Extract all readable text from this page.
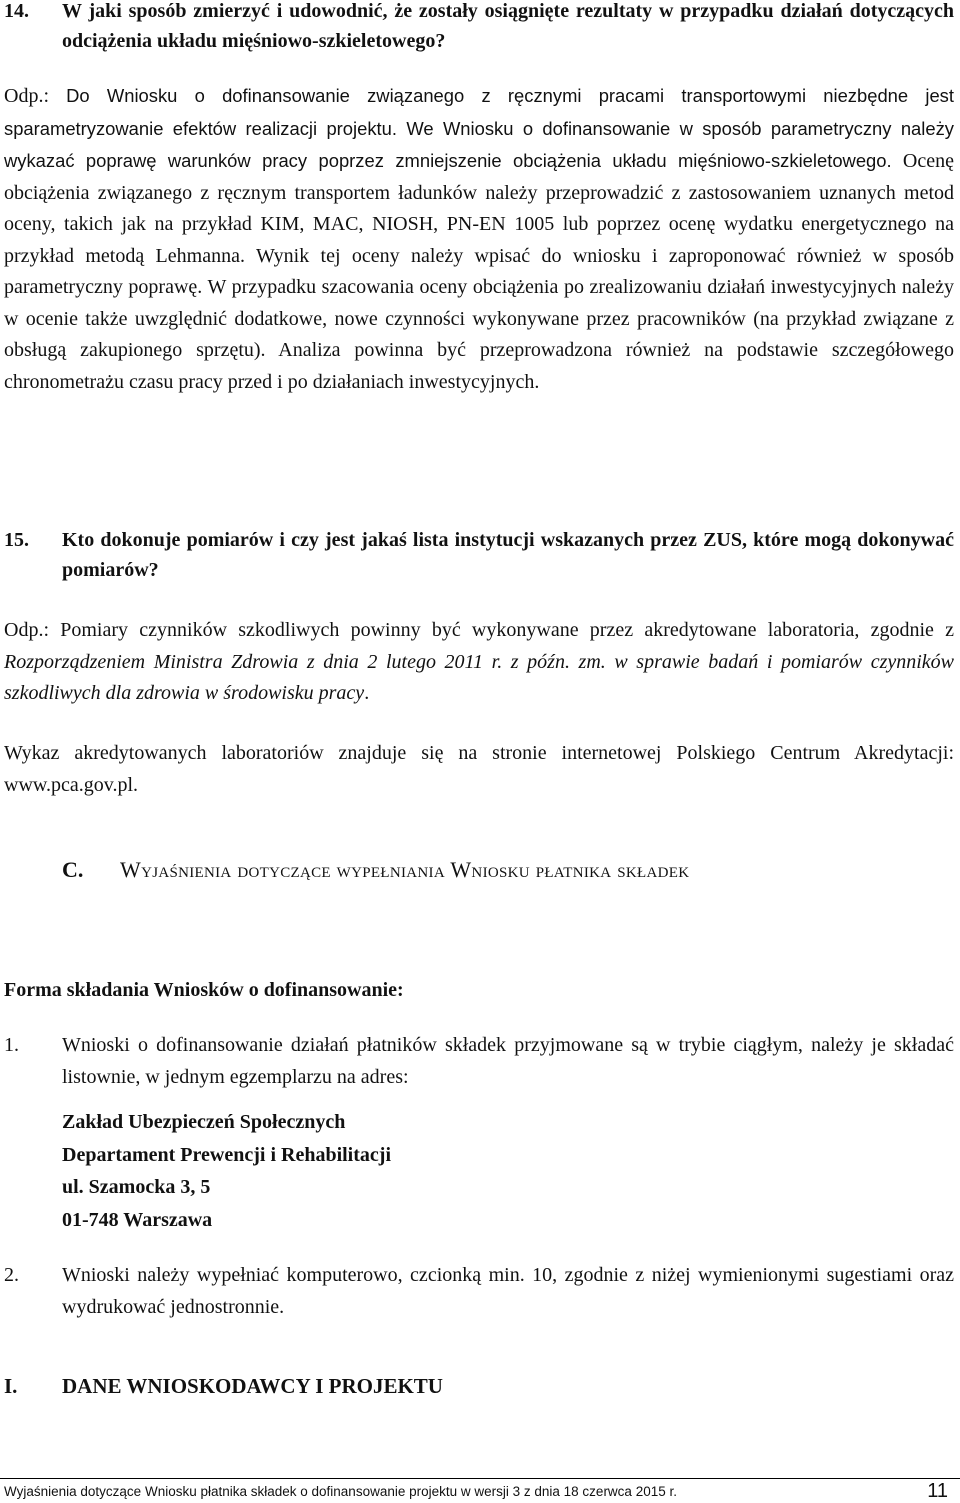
14. W jaki sposób zmierzyć i udowodnić, że zostały osiągnięte rezultaty w przypadku działań dotyczących odciążenia układu mięśniowo-szkieletowego?
Odp.: Do Wniosku o dofinansowanie związanego z ręcznymi pracami transportowymi niezbędne jest sparametryzowanie efektów realizacji projektu. We Wniosku o dofinansowanie w sposób parametryczny należy wykazać poprawę warunków pracy poprzez zmniejszenie obciążenia układu mięśniowo-szkieletowego. Ocenę obciążenia związanego z ręcznym transportem ładunków należy przeprowadzić z zastosowaniem uznanych metod oceny, takich jak na przykład KIM, MAC, NIOSH, PN-EN 1005 lub poprzez ocenę wydatku energetycznego na przykład metodą Lehmanna. Wynik tej oceny należy wpisać do wniosku i zaproponować również w sposób parametryczny poprawę. W przypadku szacowania oceny obciążenia po zrealizowaniu działań inwestycyjnych należy w ocenie także uwzględnić dodatkowe, nowe czynności wykonywane przez pracowników (na przykład związane z obsługą zakupionego sprzętu). Analiza powinna być przeprowadzona również na podstawie szczegółowego chronometrażu czasu pracy przed i po działaniach inwestycyjnych.
15. Kto dokonuje pomiarów i czy jest jakaś lista instytucji wskazanych przez ZUS, które mogą dokonywać pomiarów?
Odp.: Pomiary czynników szkodliwych powinny być wykonywane przez akredytowane laboratoria, zgodnie z Rozporządzeniem Ministra Zdrowia z dnia 2 lutego 2011 r. z późn. zm. w sprawie badań i pomiarów czynników szkodliwych dla zdrowia w środowisku pracy.
Wykaz akredytowanych laboratoriów znajduje się na stronie internetowej Polskiego Centrum Akredytacji: www.pca.gov.pl.
C. Wyjaśnienia dotyczące wypełniania Wniosku płatnika składek
Forma składania Wniosków o dofinansowanie:
1. Wnioski o dofinansowanie działań płatników składek przyjmowane są w trybie ciągłym, należy je składać listownie, w jednym egzemplarzu na adres:
Zakład Ubezpieczeń Społecznych
Departament Prewencji i Rehabilitacji
ul. Szamocka 3, 5
01-748 Warszawa
2. Wnioski należy wypełniać komputerowo, czcionką min. 10, zgodnie z niżej wymienionymi sugestiami oraz wydrukować jednostronnie.
I. DANE WNIOSKODAWCY I PROJEKTU
Wyjaśnienia dotyczące Wniosku płatnika składek o dofinansowanie projektu w wersji 3 z dnia 18 czerwca 2015 r.	11
